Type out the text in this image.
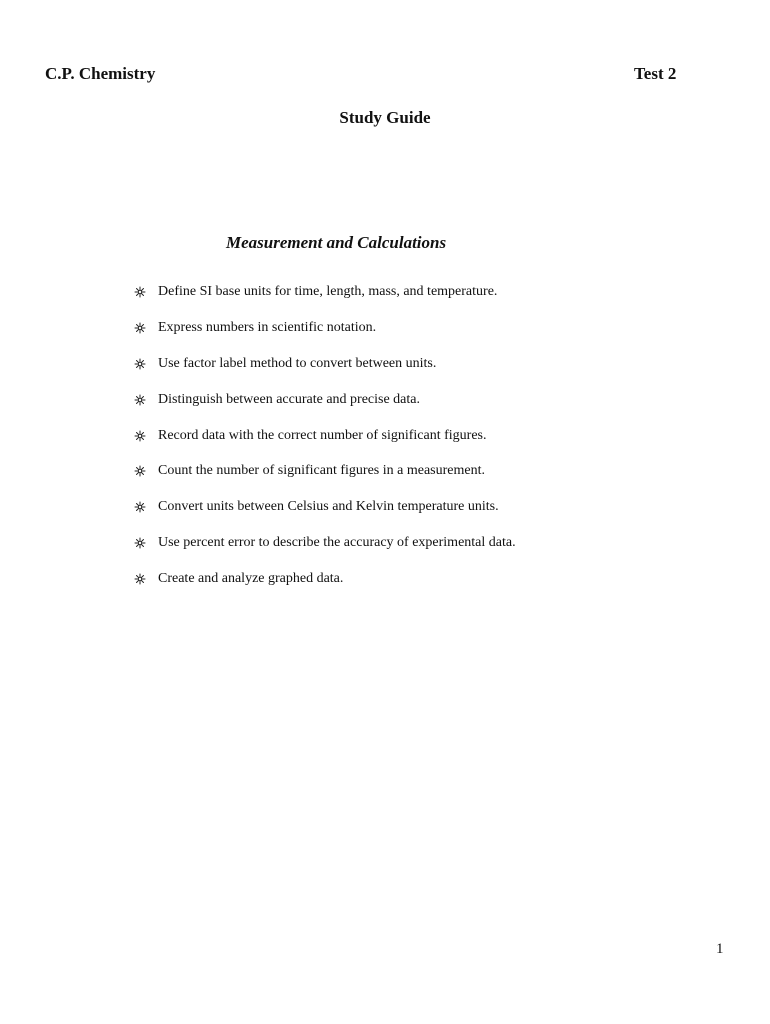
C.P. Chemistry	Test 2
Study Guide
Measurement and Calculations
Define SI base units for time, length, mass, and temperature.
Express numbers in scientific notation.
Use factor label method to convert between units.
Distinguish between accurate and precise data.
Record data with the correct number of significant figures.
Count the number of significant figures in a measurement.
Convert units between Celsius and Kelvin temperature units.
Use percent error to describe the accuracy of experimental data.
Create and analyze graphed data.
1
